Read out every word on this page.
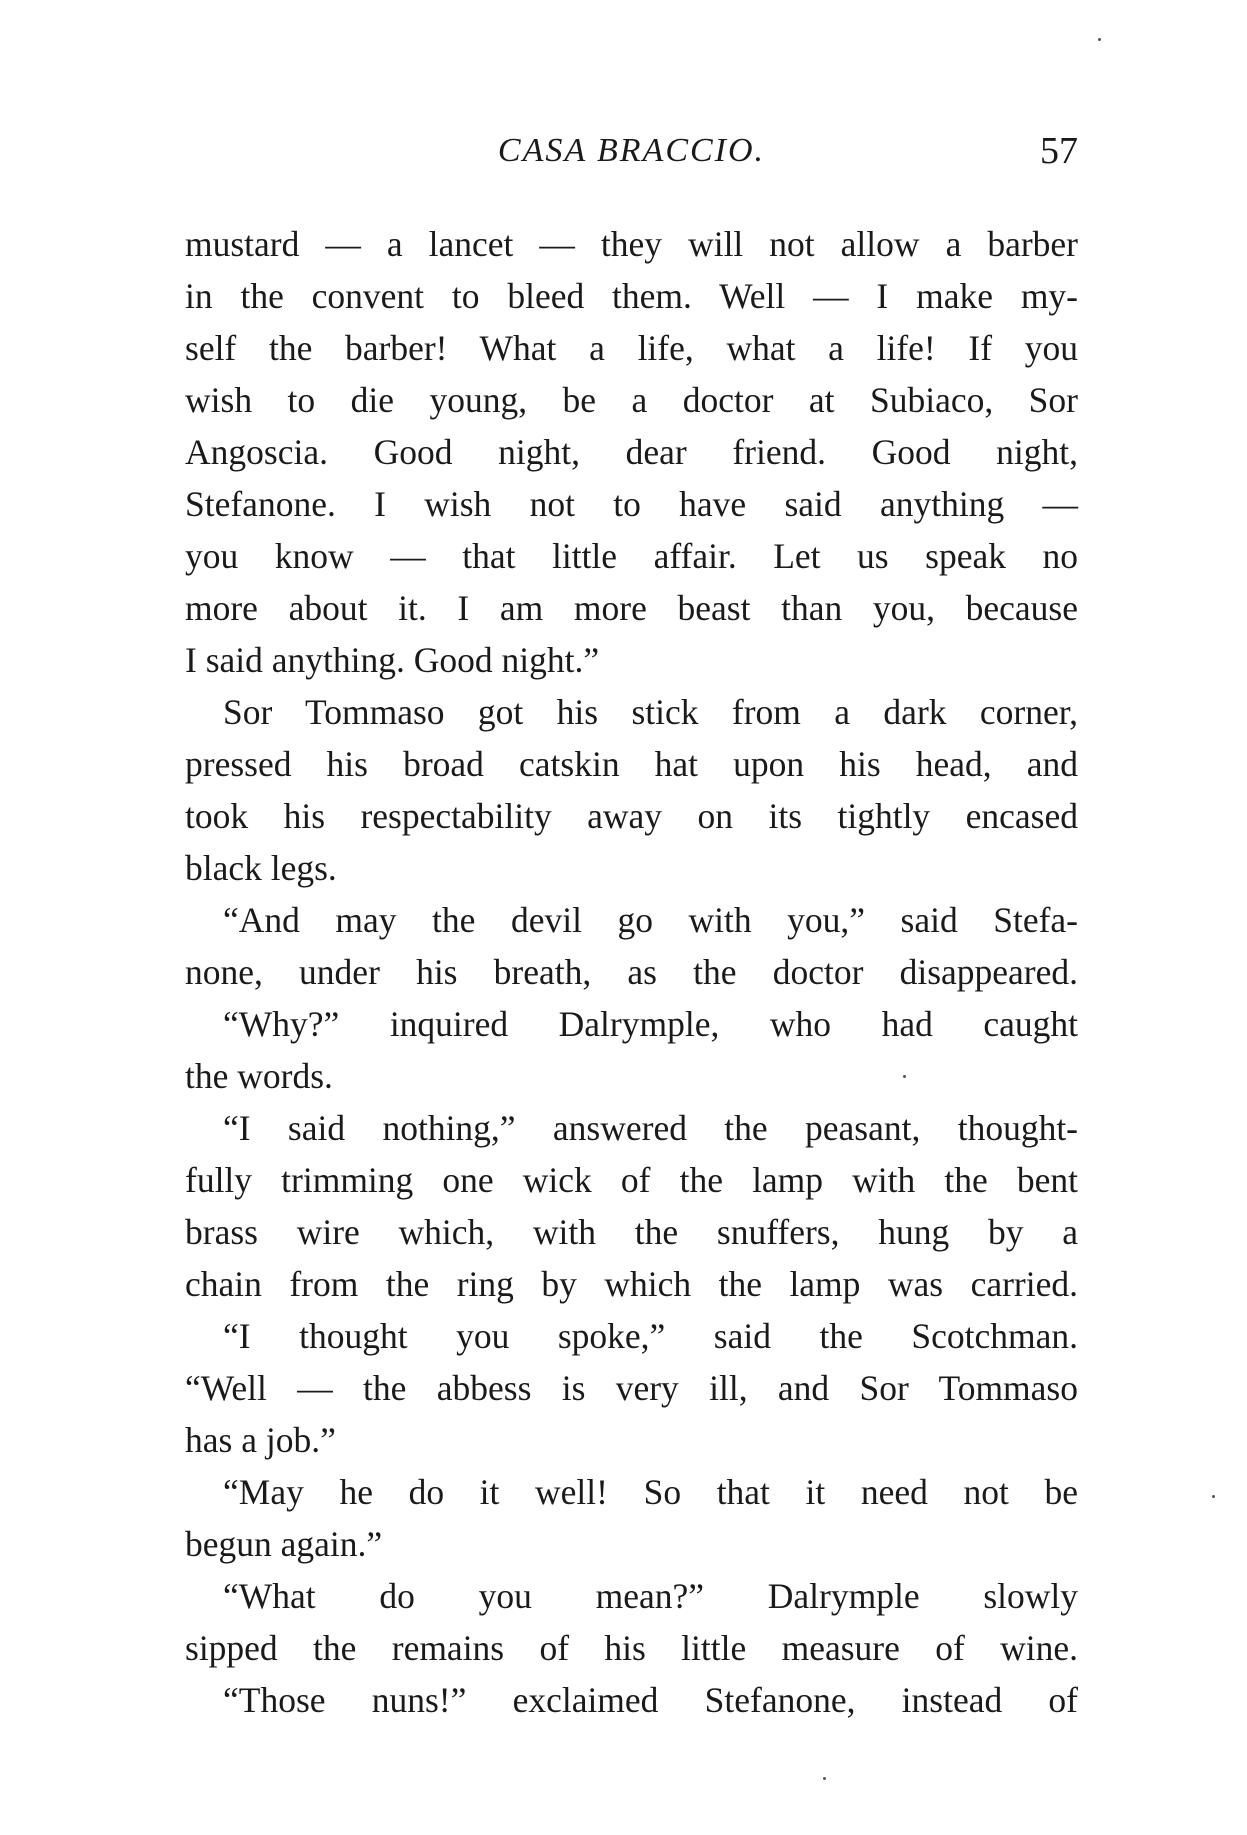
CASA BRACCIO.	57
mustard — a lancet — they will not allow a barber
in the convent to bleed them. Well — I make my-
self the barber! What a life, what a life! If you
wish to die young, be a doctor at Subiaco, Sor
Angoscia. Good night, dear friend. Good night,
Stefanone. I wish not to have said anything —
you know — that little affair. Let us speak no
more about it. I am more beast than you, because
I said anything. Good night.”
Sor Tommaso got his stick from a dark corner,
pressed his broad catskin hat upon his head, and
took his respectability away on its tightly encased
black legs.
“And may the devil go with you,” said Stefa-
none, under his breath, as the doctor disappeared.
“Why?” inquired Dalrymple, who had caught
the words.
“I said nothing,” answered the peasant, thought-
fully trimming one wick of the lamp with the bent
brass wire which, with the snuffers, hung by a
chain from the ring by which the lamp was carried.
“I thought you spoke,” said the Scotchman.
“Well — the abbess is very ill, and Sor Tommaso
has a job.”
“May he do it well! So that it need not be
begun again.”
“What do you mean?” Dalrymple slowly
sipped the remains of his little measure of wine.
“Those nuns!” exclaimed Stefanone, instead of
